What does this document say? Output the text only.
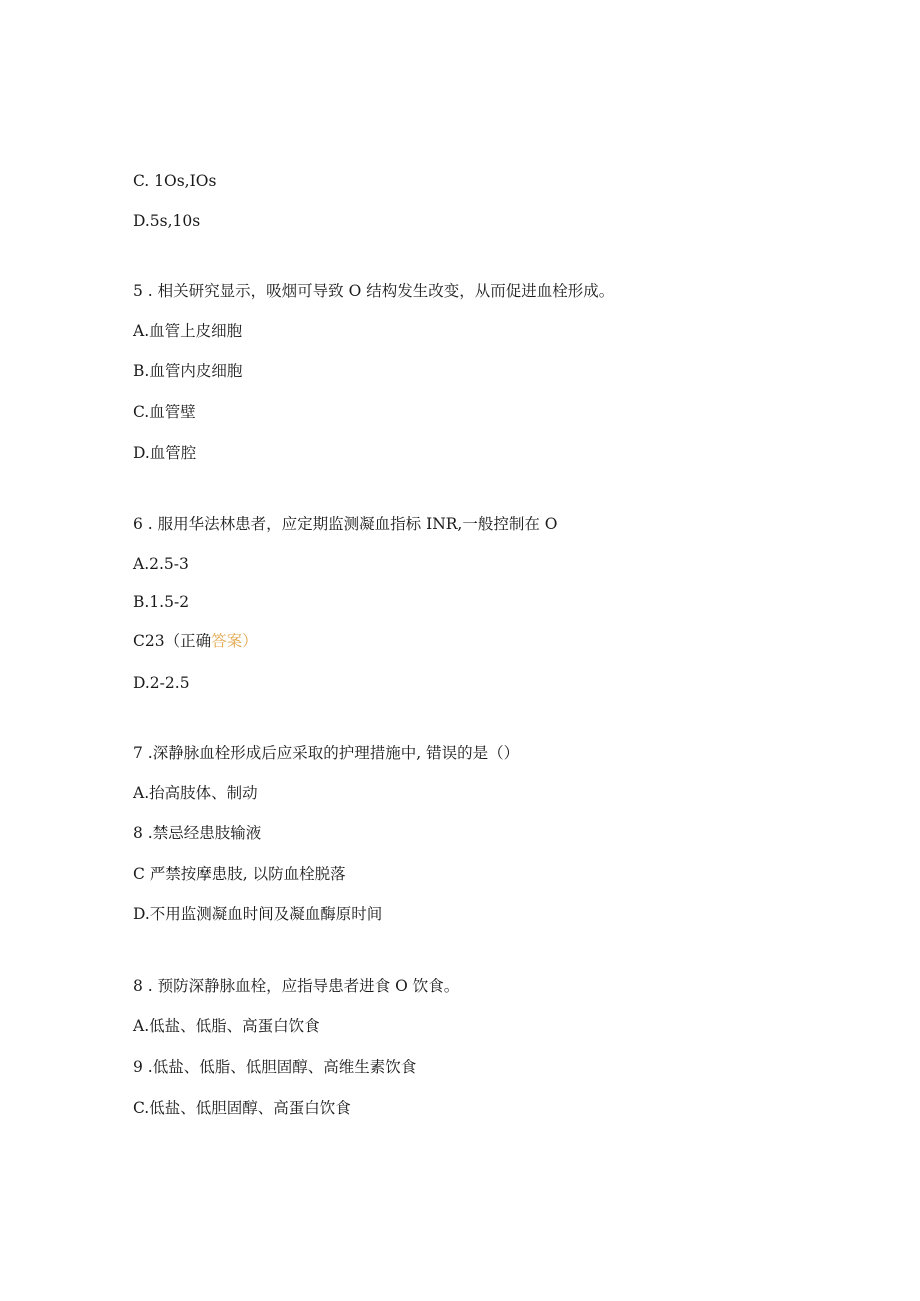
C. 1Os,IOs
D.5s,10s
5 . 相关研究显示，吸烟可导致 O 结构发生改变，从而促进血栓形成。
A.血管上皮细胞
B.血管内皮细胞
C.血管壁
D.血管腔
6 . 服用华法林患者，应定期监测凝血指标 INR,一般控制在 O
A.2.5-3
B.1.5-2
C23（正确答案）
D.2-2.5
7 .深静脉血栓形成后应采取的护理措施中, 错误的是（）
A.抬高肢体、制动
8 .禁忌经患肢输液
C 严禁按摩患肢, 以防血栓脱落
D.不用监测凝血时间及凝血酶原时间
8 . 预防深静脉血栓，应指导患者进食 O 饮食。
A.低盐、低脂、高蛋白饮食
9 .低盐、低脂、低胆固醇、高维生素饮食
C.低盐、低胆固醇、高蛋白饮食
